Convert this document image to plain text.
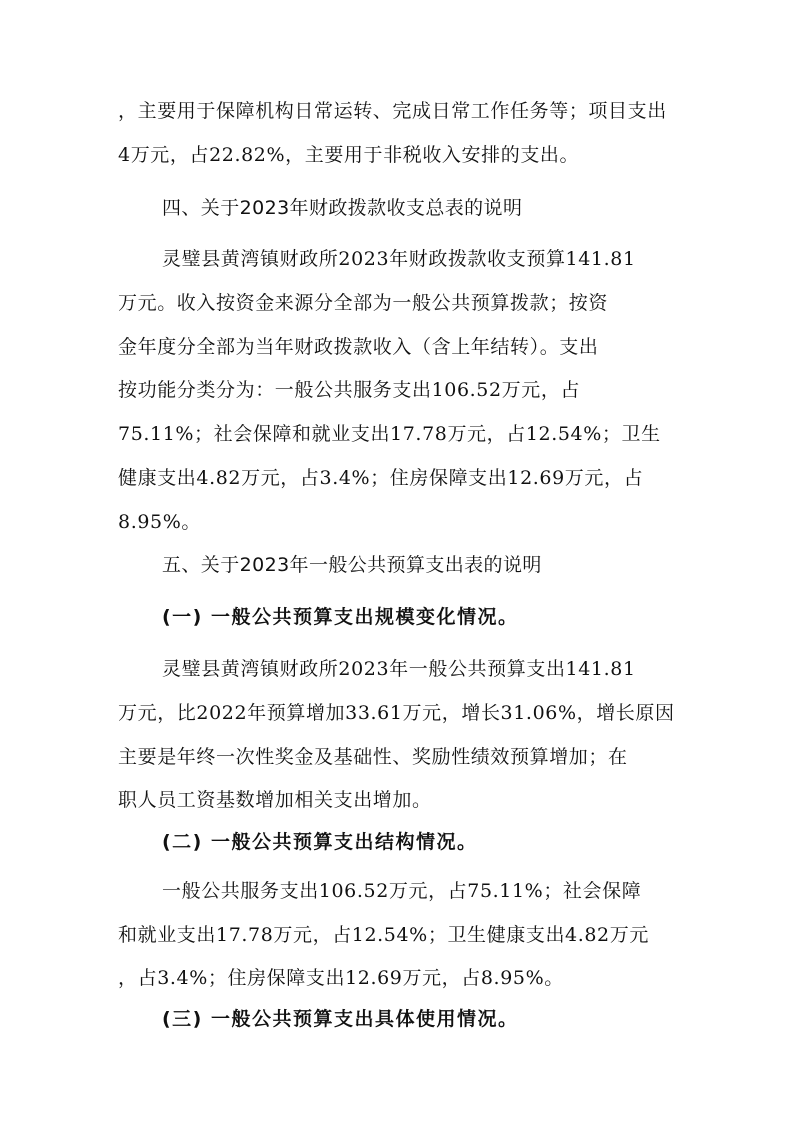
，主要用于保障机构日常运转、完成日常工作任务等；项目支出
4万元，占22.82%，主要用于非税收入安排的支出。
四、关于2023年财政拨款收支总表的说明
灵璧县黄湾镇财政所2023年财政拨款收支预算141.81
万元。收入按资金来源分全部为一般公共预算拨款；按资
金年度分全部为当年财政拨款收入（含上年结转）。支出
按功能分类分为：一般公共服务支出106.52万元，占
75.11%；社会保障和就业支出17.78万元，占12.54%；卫生
健康支出4.82万元，占3.4%；住房保障支出12.69万元，占
8.95%。
五、关于2023年一般公共预算支出表的说明
(一) 一般公共预算支出规模变化情况。
灵璧县黄湾镇财政所2023年一般公共预算支出141.81
万元，比2022年预算增加33.61万元，增长31.06%，增长原因
主要是年终一次性奖金及基础性、奖励性绩效预算增加；在
职人员工资基数增加相关支出增加。
(二) 一般公共预算支出结构情况。
一般公共服务支出106.52万元，占75.11%；社会保障
和就业支出17.78万元，占12.54%；卫生健康支出4.82万元
，占3.4%；住房保障支出12.69万元，占8.95%。
(三) 一般公共预算支出具体使用情况。
